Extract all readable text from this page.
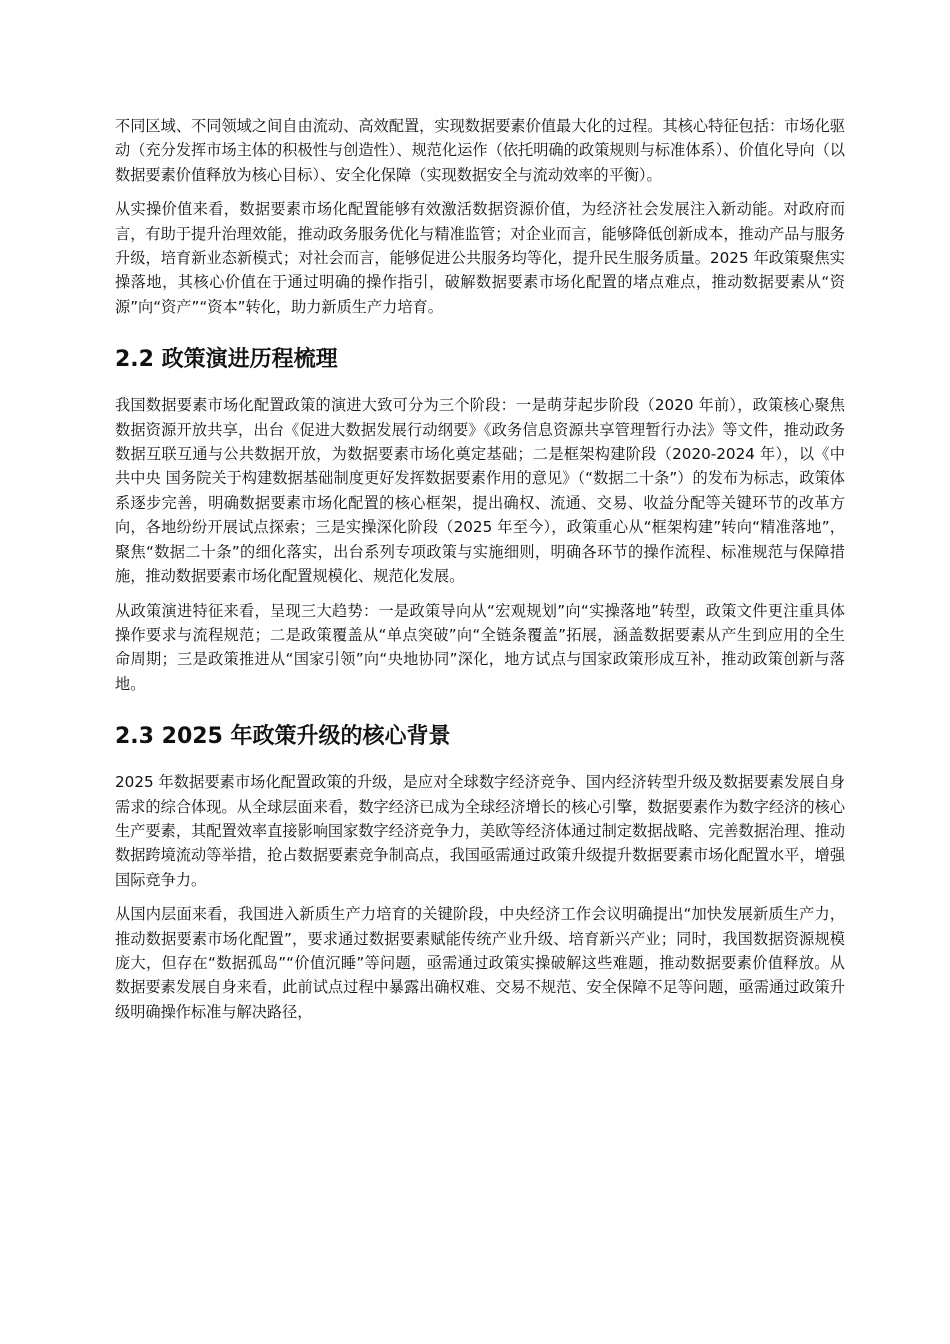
不同区域、不同领域之间自由流动、高效配置，实现数据要素价值最大化的过程。其核心特征包括：市场化驱动（充分发挥市场主体的积极性与创造性）、规范化运作（依托明确的政策规则与标准体系）、价值化导向（以数据要素价值释放为核心目标）、安全化保障（实现数据安全与流动效率的平衡）。

从实操价值来看，数据要素市场化配置能够有效激活数据资源价值，为经济社会发展注入新动能。对政府而言，有助于提升治理效能，推动政务服务优化与精准监管；对企业而言，能够降低创新成本，推动产品与服务升级，培育新业态新模式；对社会而言，能够促进公共服务均等化，提升民生服务质量。2025 年政策聚焦实操落地，其核心价值在于通过明确的操作指引，破解数据要素市场化配置的堵点难点，推动数据要素从“资源”向“资产”“资本”转化，助力新质生产力培育。

2.2 政策演进历程梳理

我国数据要素市场化配置政策的演进大致可分为三个阶段：一是萌芽起步阶段（2020 年前），政策核心聚焦数据资源开放共享，出台《促进大数据发展行动纲要》《政务信息资源共享管理暂行办法》等文件，推动政务数据互联互通与公共数据开放，为数据要素市场化奠定基础；二是框架构建阶段（2020-2024 年），以《中共中央 国务院关于构建数据基础制度更好发挥数据要素作用的意见》（“数据二十条”）的发布为标志，政策体系逐步完善，明确数据要素市场化配置的核心框架，提出确权、流通、交易、收益分配等关键环节的改革方向，各地纷纷开展试点探索；三是实操深化阶段（2025 年至今），政策重心从“框架构建”转向“精准落地”，聚焦“数据二十条”的细化落实，出台系列专项政策与实施细则，明确各环节的操作流程、标准规范与保障措施，推动数据要素市场化配置规模化、规范化发展。

从政策演进特征来看，呈现三大趋势：一是政策导向从“宏观规划”向“实操落地”转型，政策文件更注重具体操作要求与流程规范；二是政策覆盖从“单点突破”向“全链条覆盖”拓展，涵盖数据要素从产生到应用的全生命周期；三是政策推进从“国家引领”向“央地协同”深化，地方试点与国家政策形成互补，推动政策创新与落地。

2.3 2025 年政策升级的核心背景

2025 年数据要素市场化配置政策的升级，是应对全球数字经济竞争、国内经济转型升级及数据要素发展自身需求的综合体现。从全球层面来看，数字经济已成为全球经济增长的核心引擎，数据要素作为数字经济的核心生产要素，其配置效率直接影响国家数字经济竞争力，美欧等经济体通过制定数据战略、完善数据治理、推动数据跨境流动等举措，抢占数据要素竞争制高点，我国亟需通过政策升级提升数据要素市场化配置水平，增强国际竞争力。

从国内层面来看，我国进入新质生产力培育的关键阶段，中央经济工作会议明确提出“加快发展新质生产力，推动数据要素市场化配置”，要求通过数据要素赋能传统产业升级、培育新兴产业；同时，我国数据资源规模庞大，但存在“数据孤岛”“价值沉睡”等问题，亟需通过政策实操破解这些难题，推动数据要素价值释放。从数据要素发展自身来看，此前试点过程中暴露出确权难、交易不规范、安全保障不足等问题，亟需通过政策升级明确操作标准与解决路径，
